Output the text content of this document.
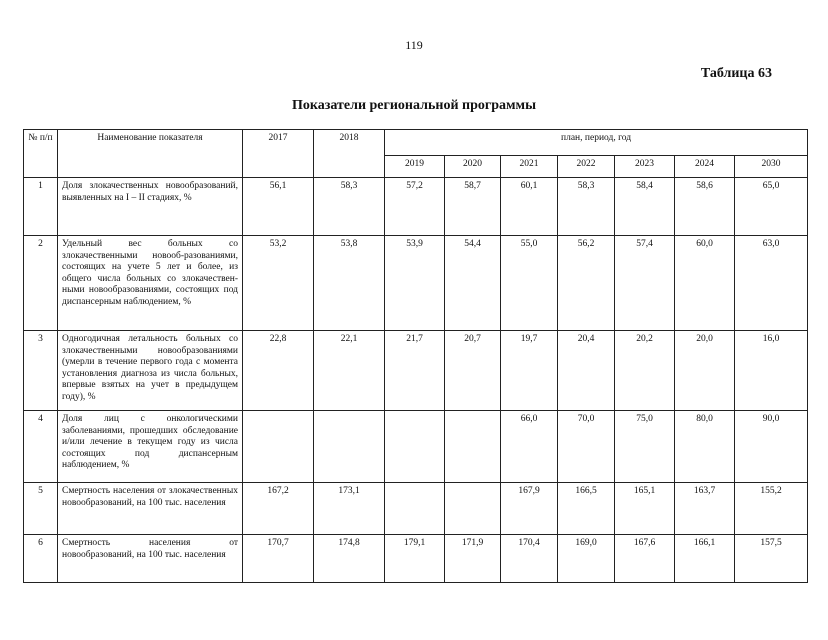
119
Таблица 63
Показатели региональной программы
№ п/п	Наименование показателя	2017	2018	план, период, год						
				2019	2020	2021	2022	2023	2024	2030
1	Доля злокачественных новообразований, выявленных на I – II стадиях, %	56,1	58,3	57,2	58,7	60,1	58,3	58,4	58,6	65,0
2	Удельный вес больных со злокачественными новооб-разованиями, состоящих на учете 5 лет и более, из общего числа больных со злокачествен-ными новообразованиями, состоящих под диспансерным наблюдением, %	53,2	53,8	53,9	54,4	55,0	56,2	57,4	60,0	63,0
3	Одногодичная летальность больных со злокачественными новообразованиями (умерли в течение первого года с момента установления диагноза из числа больных, впервые взятых на учет в предыдущем году), %	22,8	22,1	21,7	20,7	19,7	20,4	20,2	20,0	16,0
4	Доля лиц с онкологическими заболеваниями, прошедших обследование и/или лечение в текущем году из числа состоящих под диспансерным наблюдением, %					66,0	70,0	75,0	80,0	90,0
5	Смертность населения от злокачественных новообразований, на 100 тыс. населения	167,2	173,1			167,9	166,5	165,1	163,7	155,2
6	Смертность населения от новообразований, на 100 тыс. населения	170,7	174,8	179,1	171,9	170,4	169,0	167,6	166,1	157,5
